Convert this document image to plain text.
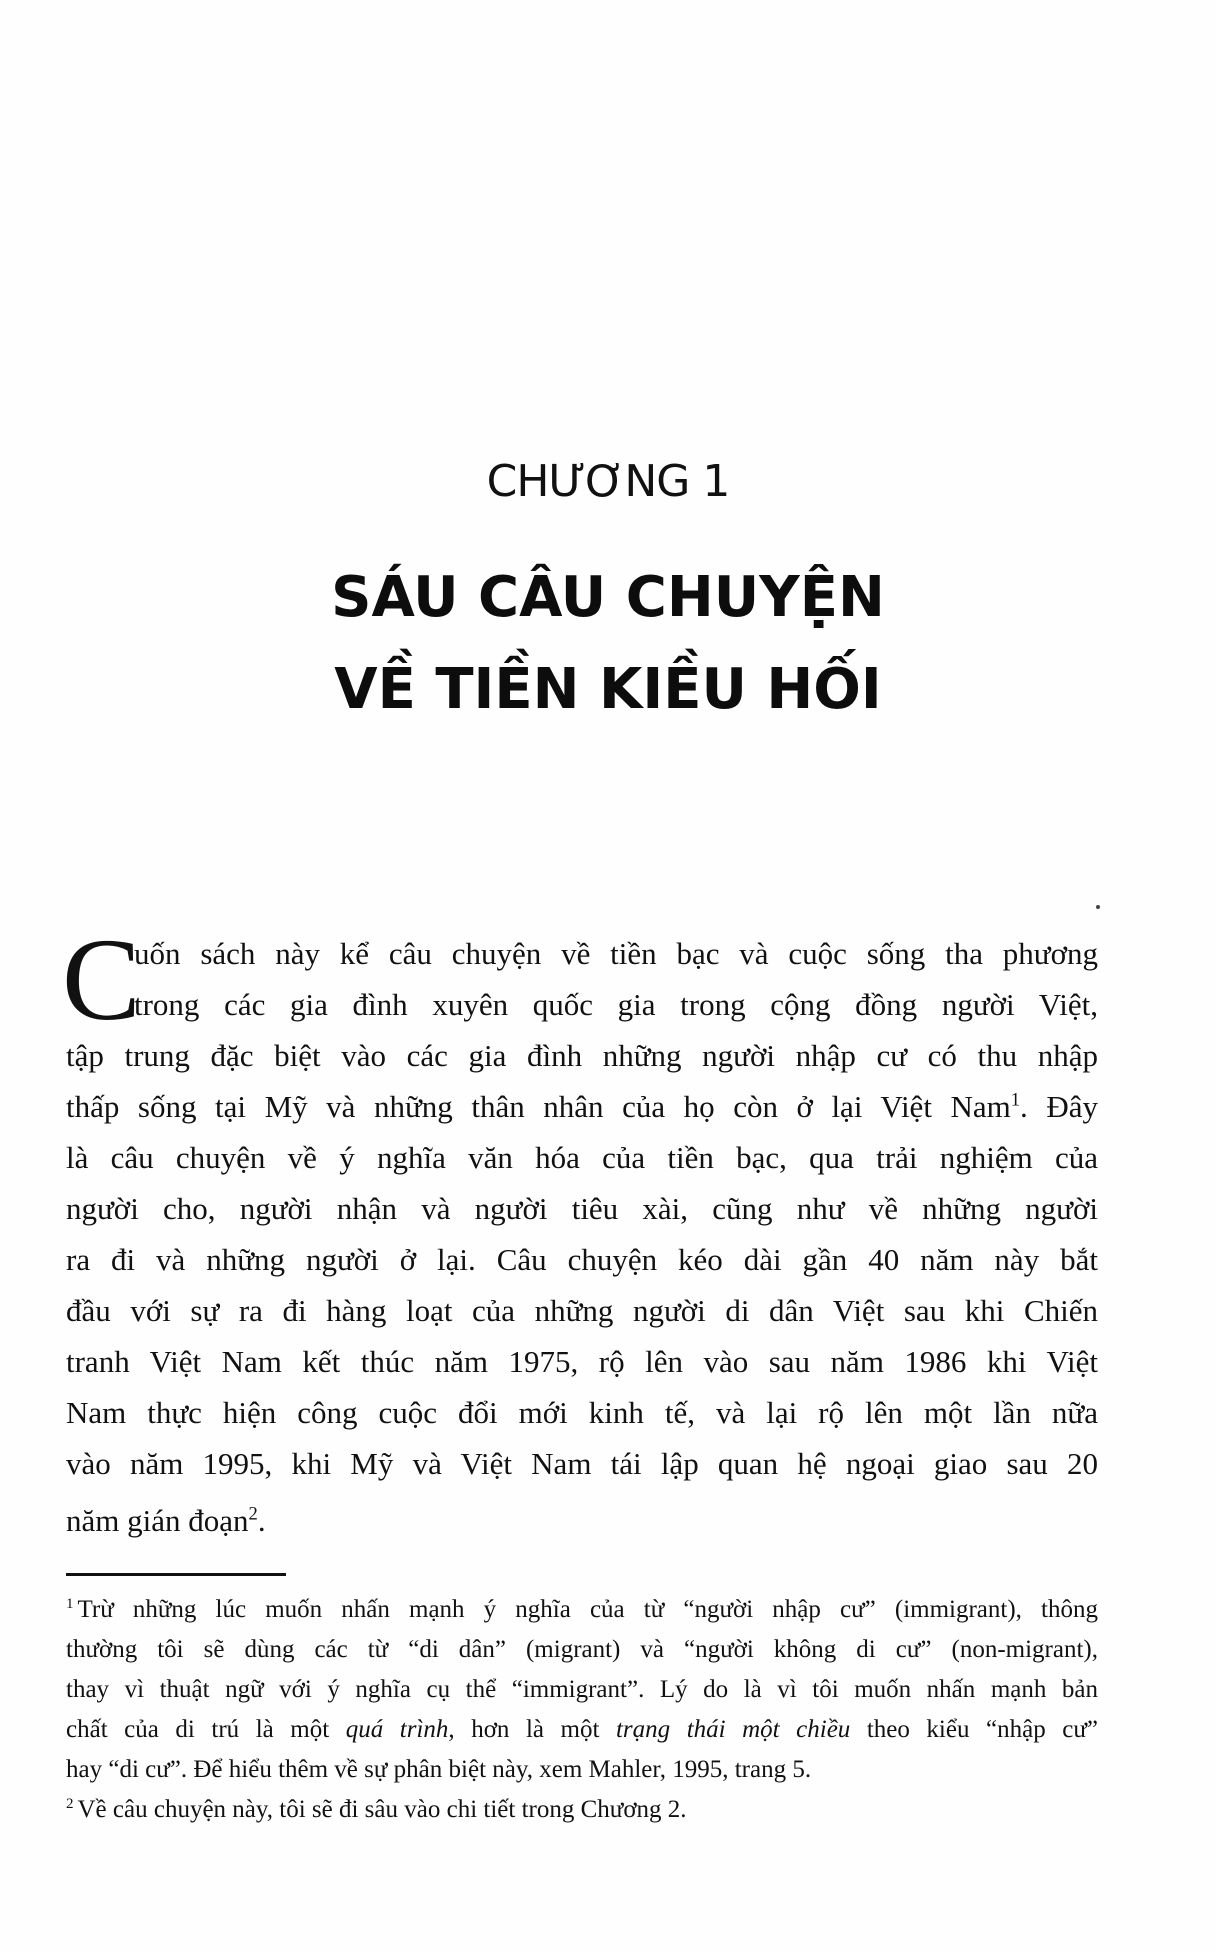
CHƯƠNG 1
SÁU CÂU CHUYỆN
VỀ TIỀN KIỀU HỐI
C
uốn sách này kể câu chuyện về tiền bạc và cuộc sống tha phương
trong các gia đình xuyên quốc gia trong cộng đồng người Việt,
tập trung đặc biệt vào các gia đình những người nhập cư có thu nhập
thấp sống tại Mỹ và những thân nhân của họ còn ở lại Việt Nam$^1$. Đây
là câu chuyện về ý nghĩa văn hóa của tiền bạc, qua trải nghiệm của
người cho, người nhận và người tiêu xài, cũng như về những người
ra đi và những người ở lại. Câu chuyện kéo dài gần 40 năm này bắt
đầu với sự ra đi hàng loạt của những người di dân Việt sau khi Chiến
tranh Việt Nam kết thúc năm 1975, rộ lên vào sau năm 1986 khi Việt
Nam thực hiện công cuộc đổi mới kinh tế, và lại rộ lên một lần nữa
vào năm 1995, khi Mỹ và Việt Nam tái lập quan hệ ngoại giao sau 20
năm gián đoạn$^2$.
$^1$ Trừ những lúc muốn nhấn mạnh ý nghĩa của từ “người nhập cư” (immigrant), thông
thường tôi sẽ dùng các từ “di dân” (migrant) và “người không di cư” (non-migrant),
thay vì thuật ngữ với ý nghĩa cụ thể “immigrant”. Lý do là vì tôi muốn nhấn mạnh bản
chất của di trú là một quá trình, hơn là một trạng thái một chiều theo kiểu “nhập cư”
hay “di cư”. Để hiểu thêm về sự phân biệt này, xem Mahler, 1995, trang 5.
$^2$ Về câu chuyện này, tôi sẽ đi sâu vào chi tiết trong Chương 2.
